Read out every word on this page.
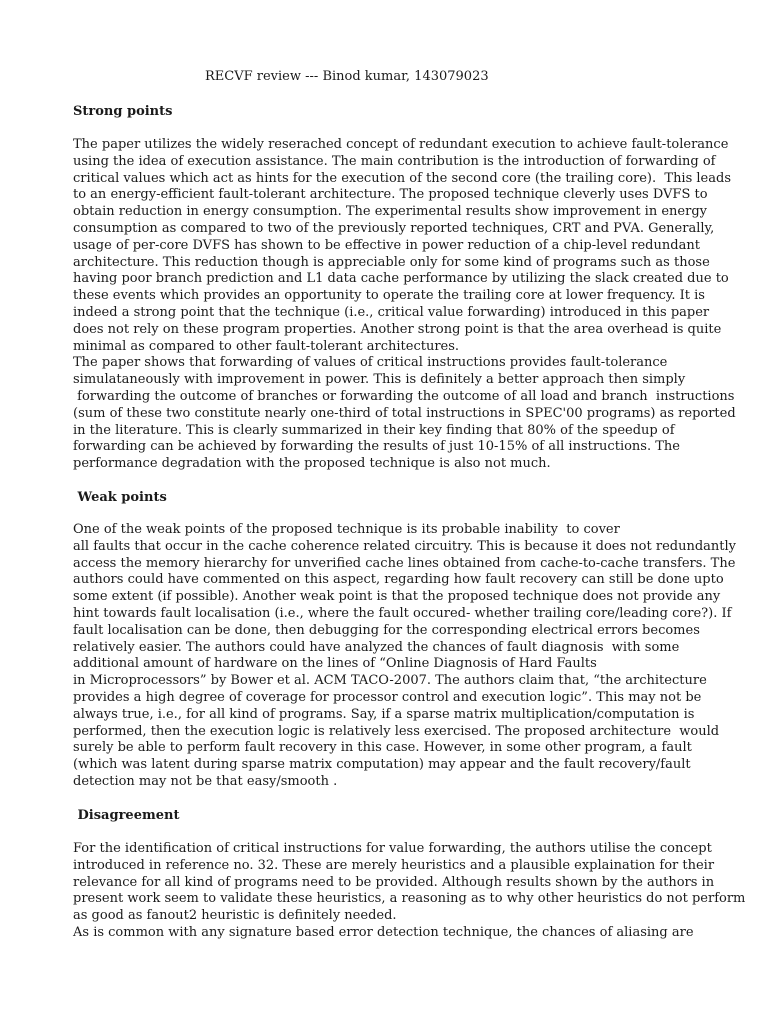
RECVF review --- Binod kumar, 143079023
Strong points
The paper utilizes the widely reserached concept of redundant execution to achieve fault-tolerance
using the idea of execution assistance. The main contribution is the introduction of forwarding of
critical values which act as hints for the execution of the second core (the trailing core).  This leads
to an energy-efficient fault-tolerant architecture. The proposed technique cleverly uses DVFS to
obtain reduction in energy consumption. The experimental results show improvement in energy
consumption as compared to two of the previously reported techniques, CRT and PVA. Generally,
usage of per-core DVFS has shown to be effective in power reduction of a chip-level redundant
architecture. This reduction though is appreciable only for some kind of programs such as those
having poor branch prediction and L1 data cache performance by utilizing the slack created due to
these events which provides an opportunity to operate the trailing core at lower frequency. It is
indeed a strong point that the technique (i.e., critical value forwarding) introduced in this paper
does not rely on these program properties. Another strong point is that the area overhead is quite
minimal as compared to other fault-tolerant architectures.
The paper shows that forwarding of values of critical instructions provides fault-tolerance
simulataneously with improvement in power. This is definitely a better approach then simply
forwarding the outcome of branches or forwarding the outcome of all load and branch  instructions
(sum of these two constitute nearly one-third of total instructions in SPEC'00 programs) as reported
in the literature. This is clearly summarized in their key finding that 80% of the speedup of
forwarding can be achieved by forwarding the results of just 10-15% of all instructions. The
performance degradation with the proposed technique is also not much.
Weak points
One of the weak points of the proposed technique is its probable inability  to cover
all faults that occur in the cache coherence related circuitry. This is because it does not redundantly
access the memory hierarchy for unverified cache lines obtained from cache-to-cache transfers. The
authors could have commented on this aspect, regarding how fault recovery can still be done upto
some extent (if possible). Another weak point is that the proposed technique does not provide any
hint towards fault localisation (i.e., where the fault occured- whether trailing core/leading core?). If
fault localisation can be done, then debugging for the corresponding electrical errors becomes
relatively easier. The authors could have analyzed the chances of fault diagnosis  with some
additional amount of hardware on the lines of “Online Diagnosis of Hard Faults
in Microprocessors” by Bower et al. ACM TACO-2007. The authors claim that, “the architecture
provides a high degree of coverage for processor control and execution logic”. This may not be
always true, i.e., for all kind of programs. Say, if a sparse matrix multiplication/computation is
performed, then the execution logic is relatively less exercised. The proposed architecture  would
surely be able to perform fault recovery in this case. However, in some other program, a fault
(which was latent during sparse matrix computation) may appear and the fault recovery/fault
detection may not be that easy/smooth .
Disagreement
For the identification of critical instructions for value forwarding, the authors utilise the concept
introduced in reference no. 32. These are merely heuristics and a plausible explaination for their
relevance for all kind of programs need to be provided. Although results shown by the authors in
present work seem to validate these heuristics, a reasoning as to why other heuristics do not perform
as good as fanout2 heuristic is definitely needed.
As is common with any signature based error detection technique, the chances of aliasing are
